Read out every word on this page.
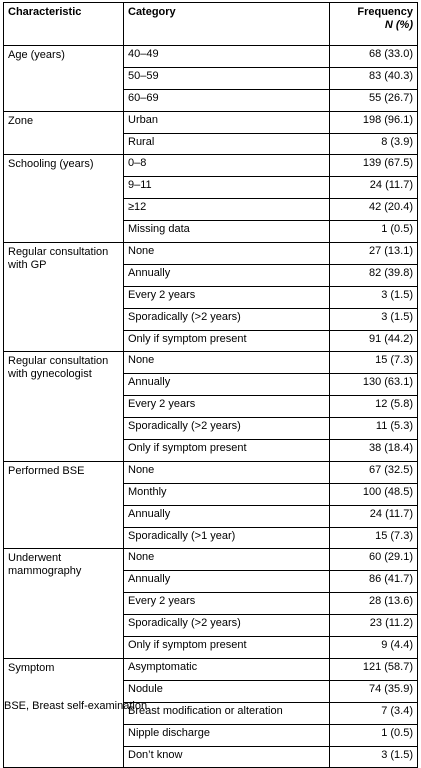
Characteristic	Category	Frequency
N (%)
Age (years)	40–49	68 (33.0)
	50–59	83 (40.3)
	60–69	55 (26.7)
Zone	Urban	198 (96.1)
	Rural	8 (3.9)
Schooling (years)	0–8	139 (67.5)
	9–11	24 (11.7)
	≥12	42 (20.4)
	Missing data	1 (0.5)
Regular consultation with GP	None	27 (13.1)
	Annually	82 (39.8)
	Every 2 years	3 (1.5)
	Sporadically (>2 years)	3 (1.5)
	Only if symptom present	91 (44.2)
Regular consultation with gynecologist	None	15 (7.3)
	Annually	130 (63.1)
	Every 2 years	12 (5.8)
	Sporadically (>2 years)	11 (5.3)
	Only if symptom present	38 (18.4)
Performed BSE	None	67 (32.5)
	Monthly	100 (48.5)
	Annually	24 (11.7)
	Sporadically (>1 year)	15 (7.3)
Underwent mammography	None	60 (29.1)
	Annually	86 (41.7)
	Every 2 years	28 (13.6)
	Sporadically (>2 years)	23 (11.2)
	Only if symptom present	9 (4.4)
Symptom	Asymptomatic	121 (58.7)
	Nodule	74 (35.9)
	Breast modification or alteration	7 (3.4)
	Nipple discharge	1 (0.5)
	Don’t know	3 (1.5)
BSE, Breast self-examination.
